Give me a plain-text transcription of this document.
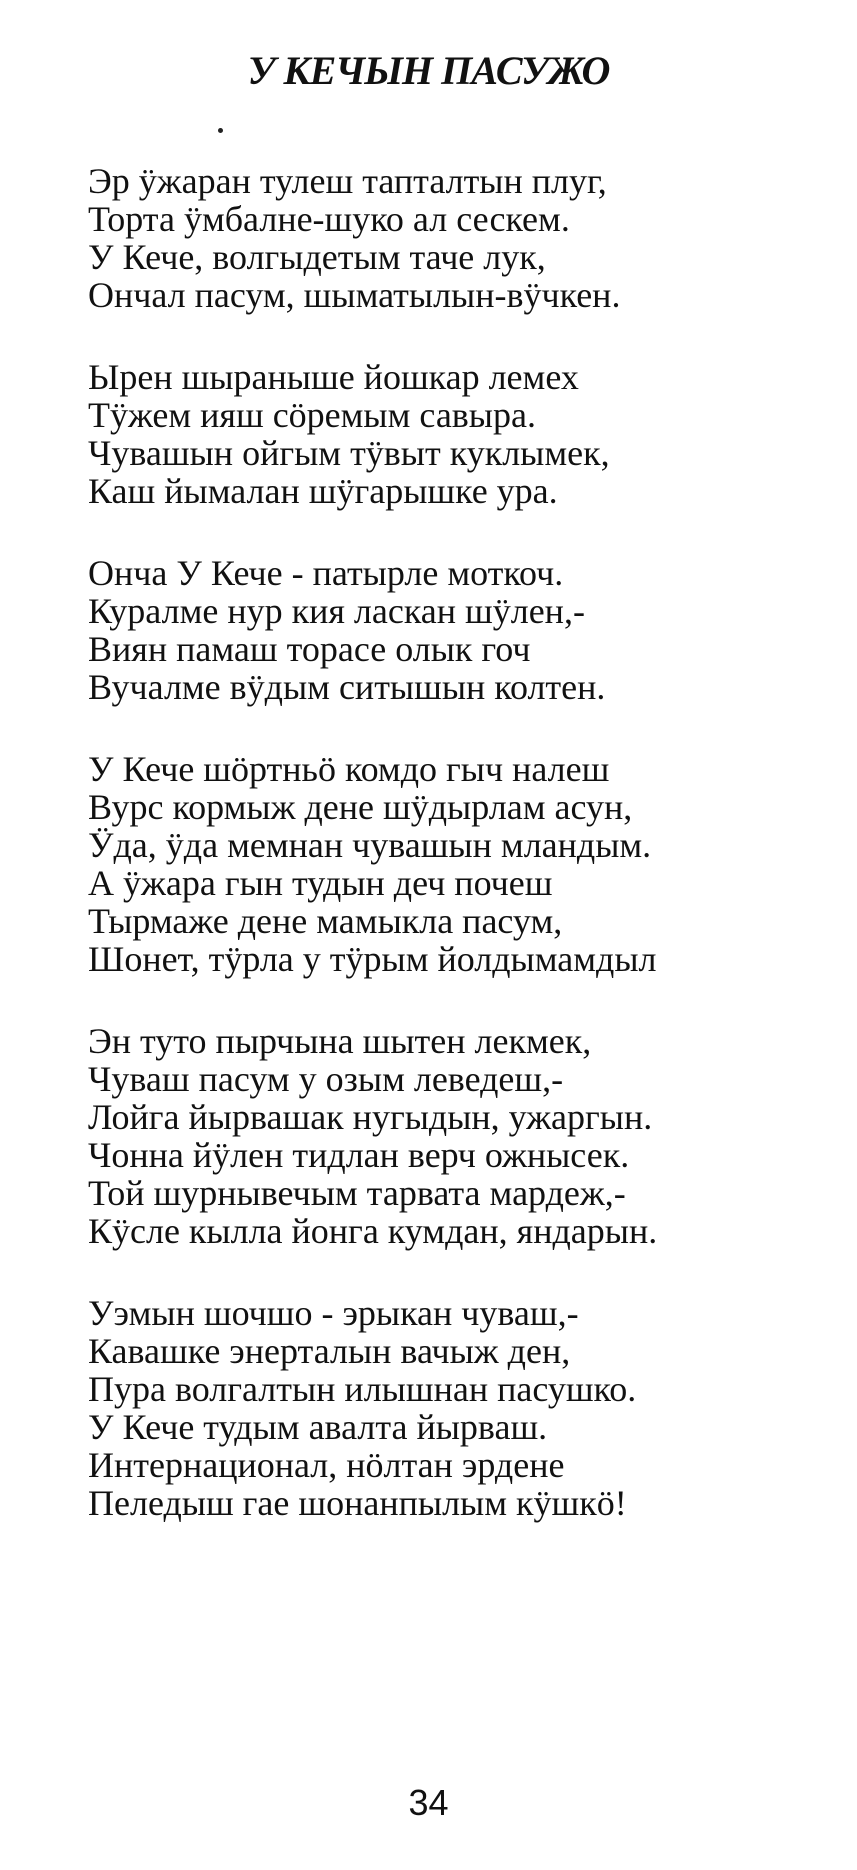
У КЕЧЫН ПАСУЖО
Эр ӱжаран тулеш тапталтын плуг,
Торта ӱмбалне-шуко ал сескем.
У Кече, волгыдетым таче лук,
Ончал пасум, шыматылын-вӱчкен.
Ырен шыраныше йошкар лемех
Тӱжем ияш сӧремым савыра.
Чувашын ойгым тӱвыт куклымек,
Каш йымалан шӱгарышке ура.
Онча У Кече - патырле моткоч.
Куралме нур кия ласкан шӱлен,-
Виян памаш торасе олык гоч
Вучалме вӱдым ситышын колтен.
У Кече шӧртньӧ комдо гыч налеш
Вурс кормыж дене шӱдырлам асун,
Ӱда, ӱда мемнан чувашын мландым.
А ӱжара гын тудын деч почеш
Тырмаже дене мамыкла пасум,
Шонет, тӱрла у тӱрым йолдымамдыл
Эн туто пырчына шытен лекмек,
Чуваш пасум у озым леведеш,-
Лойга йырвашак нугыдын, ужаргын.
Чонна йӱлен тидлан верч ожнысек.
Той шурнывечым тарвата мардеж,-
Кӱсле кылла йонга кумдан, яндарын.
Уэмын шочшо - эрыкан чуваш,-
Кавашке энерталын вачыж ден,
Пура волгалтын илышнан пасушко.
У Кече тудым авалта йырваш.
Интернационал, нӧлтан эрдене
Пeледыш гае шонанпылым кӱшкӧ!
34
